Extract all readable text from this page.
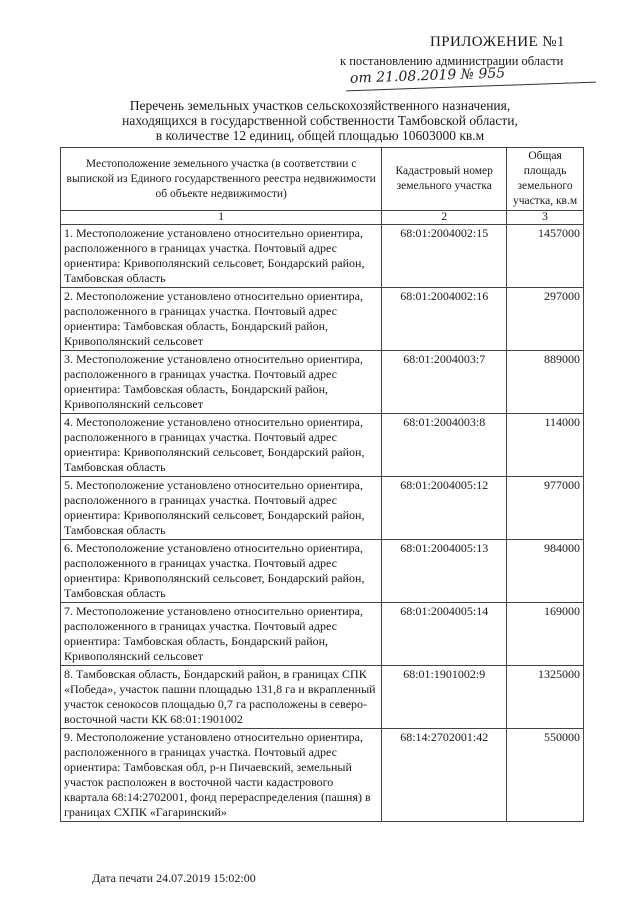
ПРИЛОЖЕНИЕ №1
к постановлению администрации области
от 21.08.2019 № 955
Перечень земельных участков сельскохозяйственного назначения,
находящихся в государственной собственности Тамбовской области,
в количестве 12 единиц, общей площадью 10603000 кв.м
Местоположение земельного участка (в соответствии с выпиской из Единого государственного реестра недвижимости об объекте недвижимости)	Кадастровый номер земельного участка	Общая площадь земельного участка, кв.м
1	2	3
1. Местоположение установлено относительно ориентира, расположенного в границах участка. Почтовый адрес ориентира: Кривополянский сельсовет, Бондарский район, Тамбовская область	68:01:2004002:15	1457000
2. Местоположение установлено относительно ориентира, расположенного в границах участка. Почтовый адрес ориентира: Тамбовская область, Бондарский район, Кривополянский сельсовет	68:01:2004002:16	297000
3. Местоположение установлено относительно ориентира, расположенного в границах участка. Почтовый адрес ориентира: Тамбовская область, Бондарский район, Кривополянский сельсовет	68:01:2004003:7	889000
4. Местоположение установлено относительно ориентира, расположенного в границах участка. Почтовый адрес ориентира: Кривополянский сельсовет, Бондарский район, Тамбовская область	68:01:2004003:8	114000
5. Местоположение установлено относительно ориентира, расположенного в границах участка. Почтовый адрес ориентира: Кривополянский сельсовет, Бондарский район, Тамбовская область	68:01:2004005:12	977000
6. Местоположение установлено относительно ориентира, расположенного в границах участка. Почтовый адрес ориентира: Кривополянский сельсовет, Бондарский район, Тамбовская область	68:01:2004005:13	984000
7. Местоположение установлено относительно ориентира, расположенного в границах участка. Почтовый адрес ориентира: Тамбовская область, Бондарский район, Кривополянский сельсовет	68:01:2004005:14	169000
8. Тамбовская область, Бондарский район, в границах СПК «Победа», участок пашни площадью 131,8 га и вкрапленный участок сенокосов площадью 0,7 га расположены в северо-восточной части КК 68:01:1901002	68:01:1901002:9	1325000
9. Местоположение установлено относительно ориентира, расположенного в границах участка. Почтовый адрес ориентира: Тамбовская обл, р-н Пичаевский, земельный участок расположен в восточной части кадастрового квартала 68:14:2702001, фонд перераспределения (пашня) в границах СХПК «Гагаринский»	68:14:2702001:42	550000
Дата печати 24.07.2019 15:02:00
